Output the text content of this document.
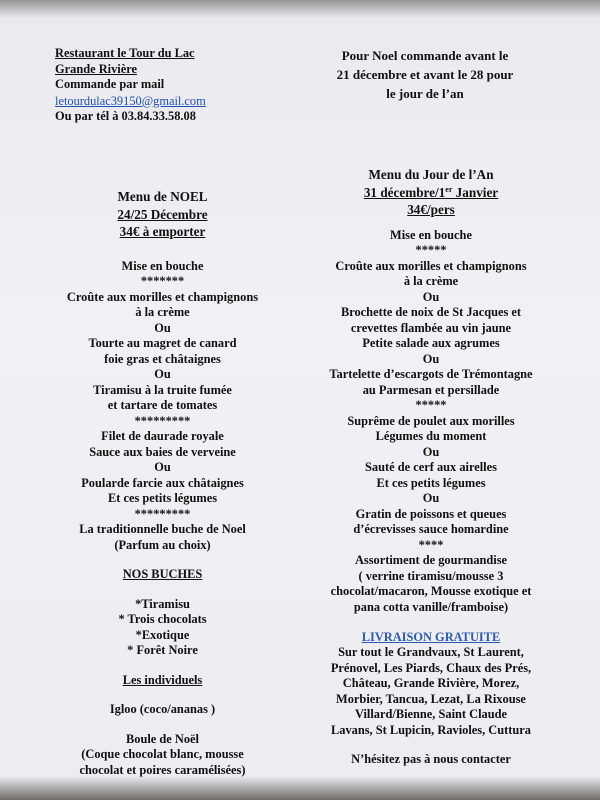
Restaurant le Tour du Lac
Grande Rivière
Commande par mail
letourdulac39150@gmail.com
Ou par tél à 03.84.33.58.08
Pour Noel commande avant le
21 décembre et avant le 28 pour
le jour de l’an
Menu de NOEL
24/25 Décembre
34€ à emporter
Mise en bouche
*******
Croûte aux morilles et champignons
à la crème
Ou
Tourte au magret de canard
foie gras et châtaignes
Ou
Tiramisu à la truite fumée
et tartare de tomates
*********
Filet de daurade royale
Sauce aux baies de verveine
Ou
Poularde farcie aux châtaignes
Et ces petits légumes
*********
La traditionnelle buche de Noel
(Parfum au choix)
NOS BUCHES
*Tiramisu
* Trois chocolats
*Exotique
* Forêt Noire
Les individuels
Igloo (coco/ananas )
Boule de Noël
(Coque chocolat blanc, mousse
chocolat et poires caramélisées)
Menu du Jour de l’An
31 décembre/1er Janvier
34€/pers
Mise en bouche
*****
Croûte aux morilles et champignons
à la crème
Ou
Brochette de noix de St Jacques et
crevettes flambée au vin jaune
Petite salade aux agrumes
Ou
Tartelette d’escargots de Trémontagne
au Parmesan et persillade
*****
Suprême de poulet aux morilles
Légumes du moment
Ou
Sauté de cerf aux airelles
Et ces petits légumes
Ou
Gratin de poissons et queues
d’écrevisses sauce homardine
****
Assortiment de gourmandise
( verrine tiramisu/mousse 3
chocolat/macaron, Mousse exotique et
pana cotta vanille/framboise)
LIVRAISON GRATUITE
Sur tout le Grandvaux, St Laurent,
Prénovel, Les Piards, Chaux des Prés,
Château, Grande Rivière, Morez,
Morbier, Tancua, Lezat, La Rixouse
Villard/Bienne, Saint Claude
Lavans, St Lupicin, Ravioles, Cuttura
N’hésitez pas à nous contacter
